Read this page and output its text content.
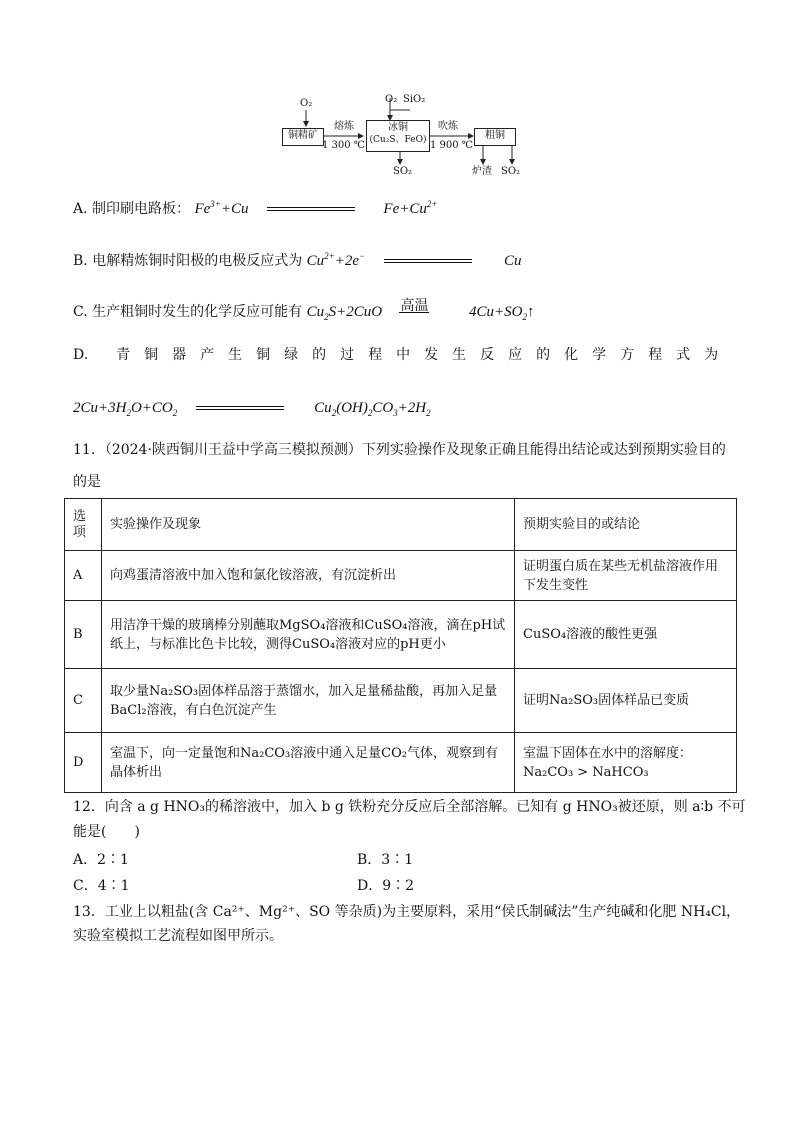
铜精矿
冰铜
(Cu₂S、FeO)	粗铜
O₂
熔炼
1 300 ℃
O₂ SiO₂
吹炼
1 900 ℃
SO₂	炉渣 SO₂
A. 制印刷电路板： $Fe^{3+}+Cu$	$Fe+Cu^{2+}$
B. 电解精炼铜时阳极的电极反应式为 $Cu^{2+}+2e^-$	Cu
C. 生产粗铜时发生的化学反应可能有 $Cu_2S+2CuO$ 高温	$4Cu+SO_2↑$
D.　　青　铜　器　产　生　铜　绿　的　过　程　中　发　生　反　应　的　化　学　方　程　式　为
$2Cu+3H_2O+CO_2$	$Cu_2(OH)_2CO_3+2H_2$
11．（2024·陕西铜川王益中学高三模拟预测）下列实验操作及现象正确且能得出结论或达到预期实验目的
的是
选项	实验操作及现象	预期实验目的或结论
A	向鸡蛋清溶液中加入饱和氯化铵溶液，有沉淀析出	证明蛋白质在某些无机盐溶液作用下发生变性
B	用洁净干燥的玻璃棒分别蘸取MgSO₄溶液和CuSO₄溶液，滴在pH试纸上，与标准比色卡比较，测得CuSO₄溶液对应的pH更小	CuSO₄溶液的酸性更强
C	取少量Na₂SO₃固体样品溶于蒸馏水，加入足量稀盐酸，再加入足量BaCl₂溶液，有白色沉淀产生	证明Na₂SO₃固体样品已变质
D	室温下，向一定量饱和Na₂CO₃溶液中通入足量CO₂气体，观察到有晶体析出	室温下固体在水中的溶解度：
Na₂CO₃ > NaHCO₃
12．向含 a g HNO₃的稀溶液中，加入 b g 铁粉充分反应后全部溶解。已知有 g HNO₃被还原，则 a∶b 不可
能是(　　)
A．2∶1	B．3∶1
C．4∶1	D．9∶2
13．工业上以粗盐(含 Ca²⁺、Mg²⁺、SO 等杂质)为主要原料，采用“侯氏制碱法”生产纯碱和化肥 NH₄Cl，
实验室模拟工艺流程如图甲所示。
